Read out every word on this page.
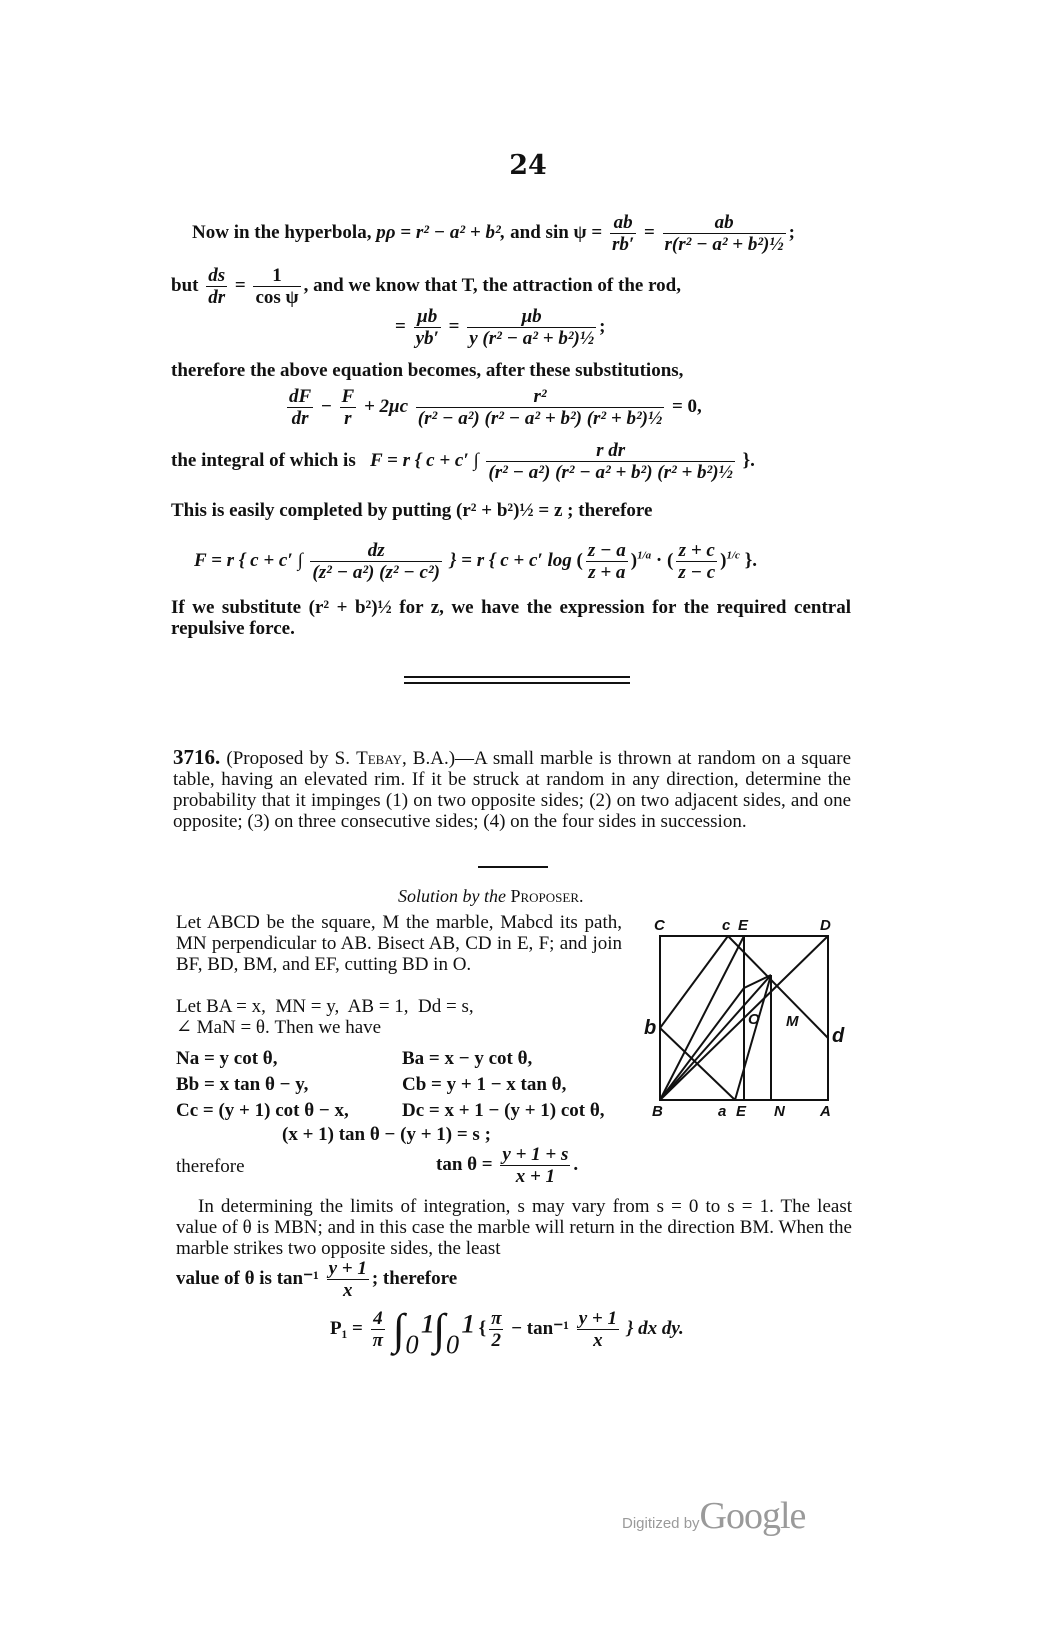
24
Now in the hyperbola, pρ = r² − a² + b², and $\sin \psi = \frac{ab}{rb'} = \frac{ab}{\text{r(r² − a² + b²)½}}$ ;
but $\frac{ds}{dr} = \frac{1}{\text{cos ψ}}$ , and we know that T, the attraction of the rod,
= $\frac{\mu b}{yb'} = \frac{\mu b}{\text{y (r² − a² + b²)½}}$ ;
therefore the above equation becomes, after these substitutions,
$\frac{dF}{dr} - \frac{F}{r} + 2\mu c \frac{\text{r²}}{\text{(r² − a²) (r² − a² + b²) (r² + b²)½}} = 0$,
the integral of which is F = r { c + c′ ∫ $\frac{\text{r dr}}{\text{(r² − a²) (r² − a² + b²) (r² + b²)½}}$ }.
This is easily completed by putting (r² + b²)½ = z ; therefore
F = r { c + c′ ∫ $\frac{dz}{\text{(z² − a²) (z² − c²)}}$ } = r { c + c′ log ( $\frac{z - a}{z + a} )^{1/a}$ · ( $\frac{z + c}{z - c} )^{1/c}$ }.
If we substitute (r² + b²)½ for z, we have the expression for the required central repulsive force.
3716. (Proposed by S. Tebay, B.A.)—A small marble is thrown at random on a square table, having an elevated rim. If it be struck at random in any direction, determine the probability that it impinges (1) on two opposite sides; (2) on two adjacent sides, and one opposite; (3) on three consecutive sides; (4) on the four sides in succession.
Solution by the Proposer.
Let ABCD be the square, M the marble, Mabcd its path, MN perpendicular to AB. Bisect AB, CD in E, F; and join BF, BD, BM, and EF, cutting BD in O.
Let BA = x,  MN = y,  AB = 1,  Dd = s,
∠ MaN = θ. Then we have
Na = y cot θ,	Ba = x − y cot θ,
Bb = x tan θ − y,	Cb = y + 1 − x tan θ,
Cc = (y + 1) cot θ − x,	Dc = x + 1 − (y + 1) cot θ,
(x + 1) tan θ − (y + 1) = s ;
therefore	$\tan \theta = \frac{y + 1 + s}{x + 1}$ .
In determining the limits of integration, s may vary from s = 0 to s = 1. The least value of θ is MBN; and in this case the marble will return in the direction BM. When the marble strikes two opposite sides, the least
value of θ is $\tan^{-1} \frac{y + 1}{x}$ ; therefore
$P_1 = \frac{4}{\pi} \int_0^1\int_0^1$ { $\frac{\pi}{2} - \tan^{-1} \frac{y + 1}{x}$ } dx dy.
C	c E	D
b	O M
d
B	a E N A
Digitized byGoogle
